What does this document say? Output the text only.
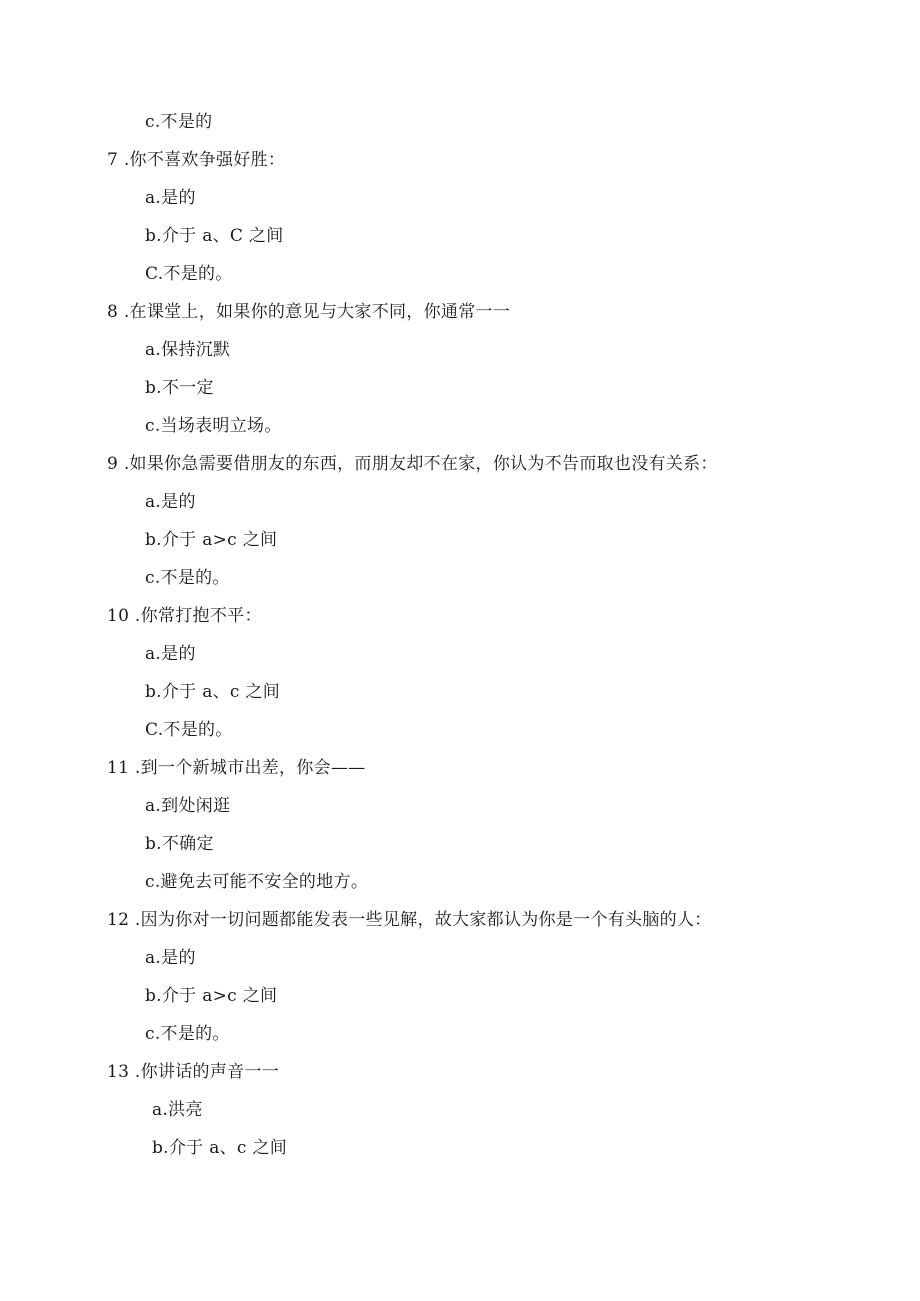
c.不是的
7 .你不喜欢争强好胜：
a.是的
b.介于 a、C 之间
C.不是的。
8 .在课堂上，如果你的意见与大家不同，你通常一一
a.保持沉默
b.不一定
c.当场表明立场。
9 .如果你急需要借朋友的东西，而朋友却不在家，你认为不告而取也没有关系：
a.是的
b.介于 a>c 之间
c.不是的。
10 .你常打抱不平：
a.是的
b.介于 a、c 之间
C.不是的。
11 .到一个新城市出差，你会——
a.到处闲逛
b.不确定
c.避免去可能不安全的地方。
12 .因为你对一切问题都能发表一些见解，故大家都认为你是一个有头脑的人：
a.是的
b.介于 a>c 之间
c.不是的。
13 .你讲话的声音一一
a.洪亮
b.介于 a、c 之间
